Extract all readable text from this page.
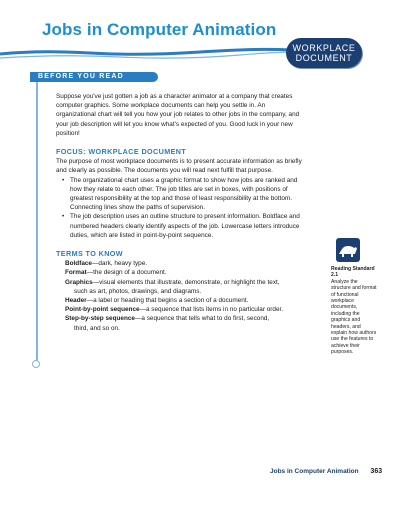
Jobs in Computer Animation
WORKPLACE
DOCUMENT
BEFORE YOU READ

Suppose you've just gotten a job as a character animator at a company that creates computer graphics. Some workplace documents can help you settle in. An organizational chart will tell you how your job relates to other jobs in the company, and your job description will let you know what's expected of you. Good luck in your new position!

FOCUS: WORKPLACE DOCUMENT

The purpose of most workplace documents is to present accurate information as briefly and clearly as possible. The documents you will read next fulfill that purpose.

• The organizational chart uses a graphic format to show how jobs are ranked and how they relate to each other. The job titles are set in boxes, with positions of greatest responsibility at the top and those of least responsibility at the bottom. Connecting lines show the paths of supervision.
• The job description uses an outline structure to present information. Boldface and numbered headers clearly identify aspects of the job. Lowercase letters introduce duties, which are listed in point-by-point sequence.
TERMS TO KNOW
Boldface—dark, heavy type.
Format—the design of a document.
Graphics—visual elements that illustrate, demonstrate, or highlight the text,
such as art, photos, drawings, and diagrams.
Header—a label or heading that begins a section of a document.
Point-by-point sequence—a sequence that lists items in no particular order.
Step-by-step sequence—a sequence that tells what to do first, second,
third, and so on.
Reading Standard 2.1
Analyze the structure and format of functional workplace documents, including the graphics and headers, and explain how authors use the features to achieve their purposes.
Jobs in Computer Animation 363
